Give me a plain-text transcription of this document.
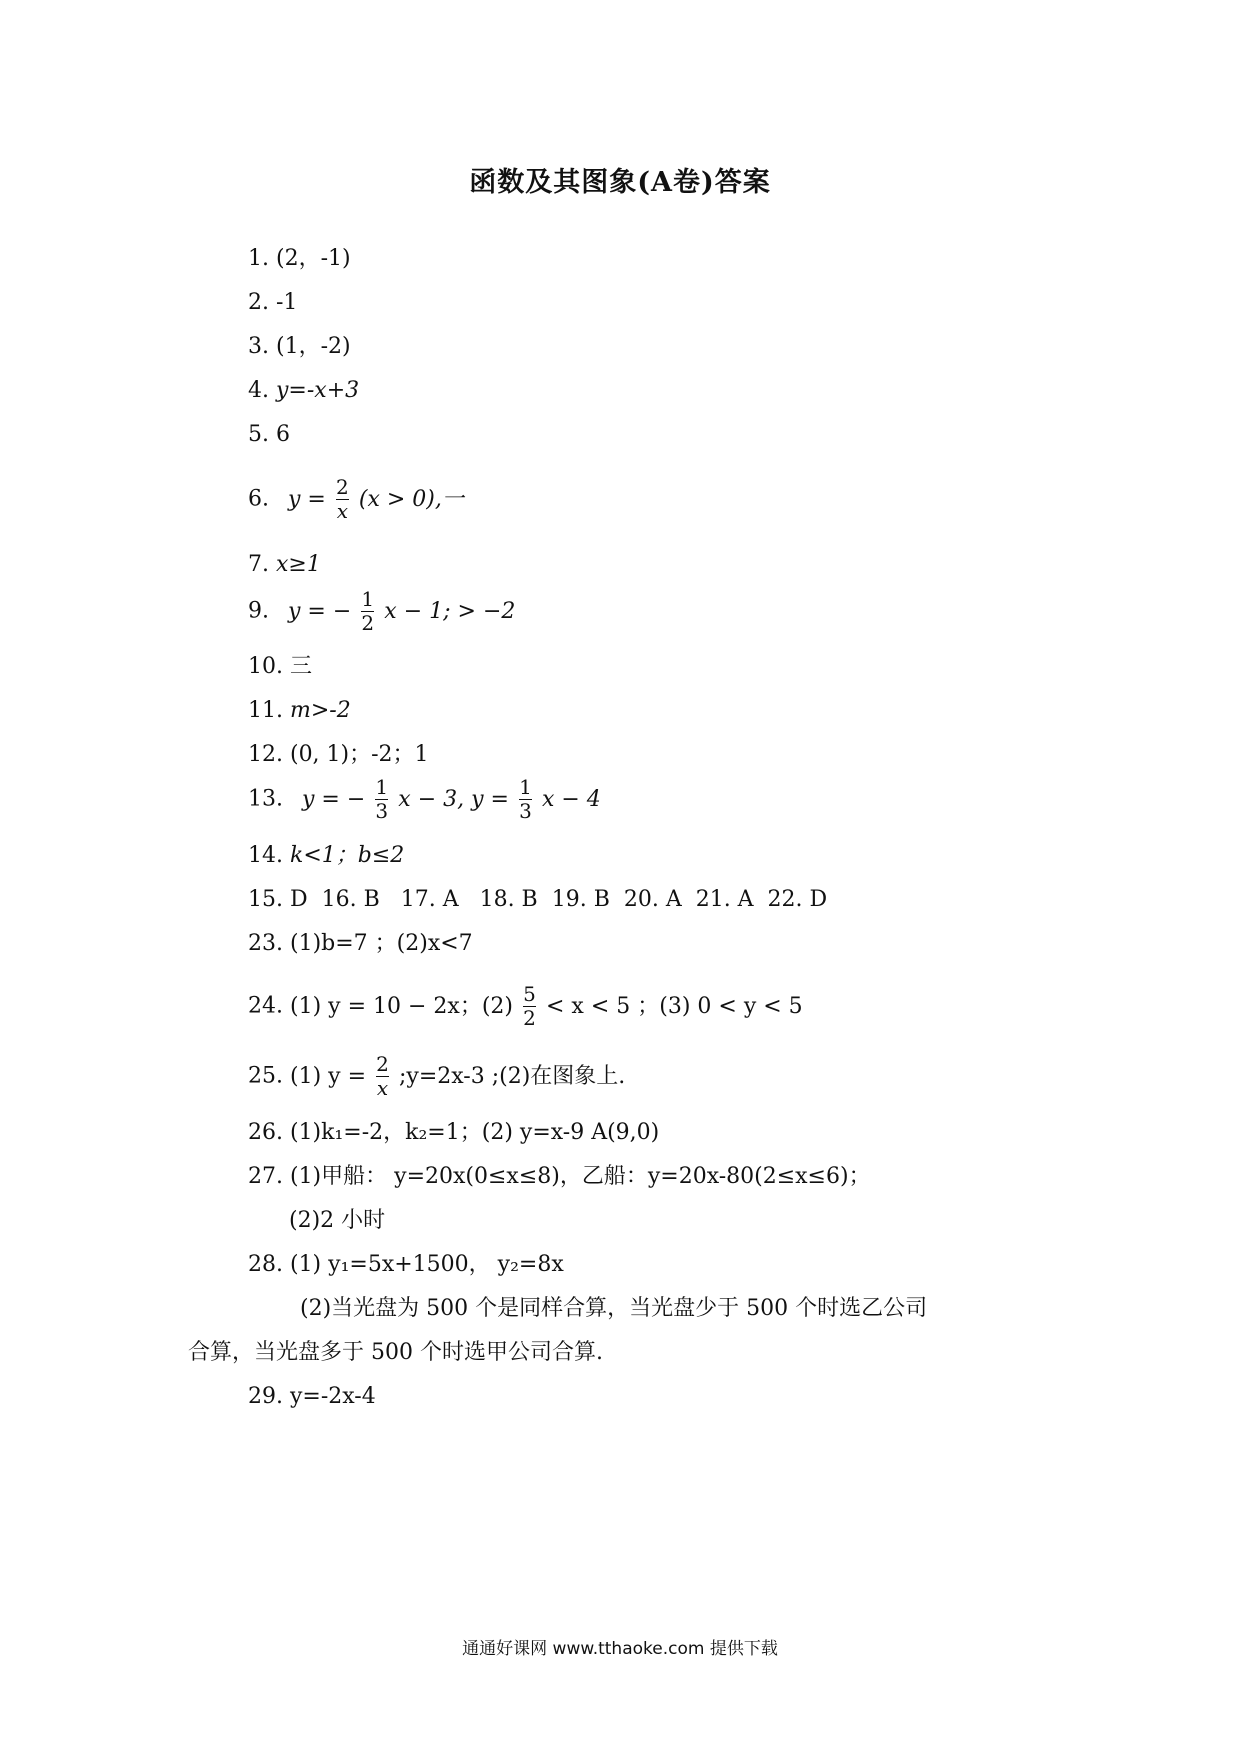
函数及其图象(A卷)答案
1. (2，-1)
2. -1
3. (1，-2)
4. y=-x+3
5. 6
6. $y = \frac{2}{x} (x > 0)$,一
7. x≥1
9. y = − $\frac{1}{2}$ x − 1; > −2
10. 三
11. m>-2
12. (0, 1)；-2；1
13. y = − $\frac{1}{3}$ x − 3, $y = \frac{1}{3}$ x − 4
14. k<1；b≤2
15. D  16. B   17. A   18. B  19. B  20. A  21. A  22. D
23. (1)b=7 ；(2)x<7
24. (1) y = 10 − 2x；$(2) \frac{5}{2} < x < 5$ ；(3) 0 < y < 5
25. (1) $y = \frac{2}{x}$ ;y=2x-3 ;(2)在图象上.
26. (1)k₁=-2，k₂=1；(2) y=x-9 A(9,0)
27. (1)甲船： y=20x(0≤x≤8)，乙船：y=20x-80(2≤x≤6)；
(2)2 小时
28. (1) y₁=5x+1500， y₂=8x
(2)当光盘为 500 个是同样合算，当光盘少于 500 个时选乙公司
合算，当光盘多于 500 个时选甲公司合算.
29. y=-2x-4
通通好课网 www.tthaoke.com 提供下载
